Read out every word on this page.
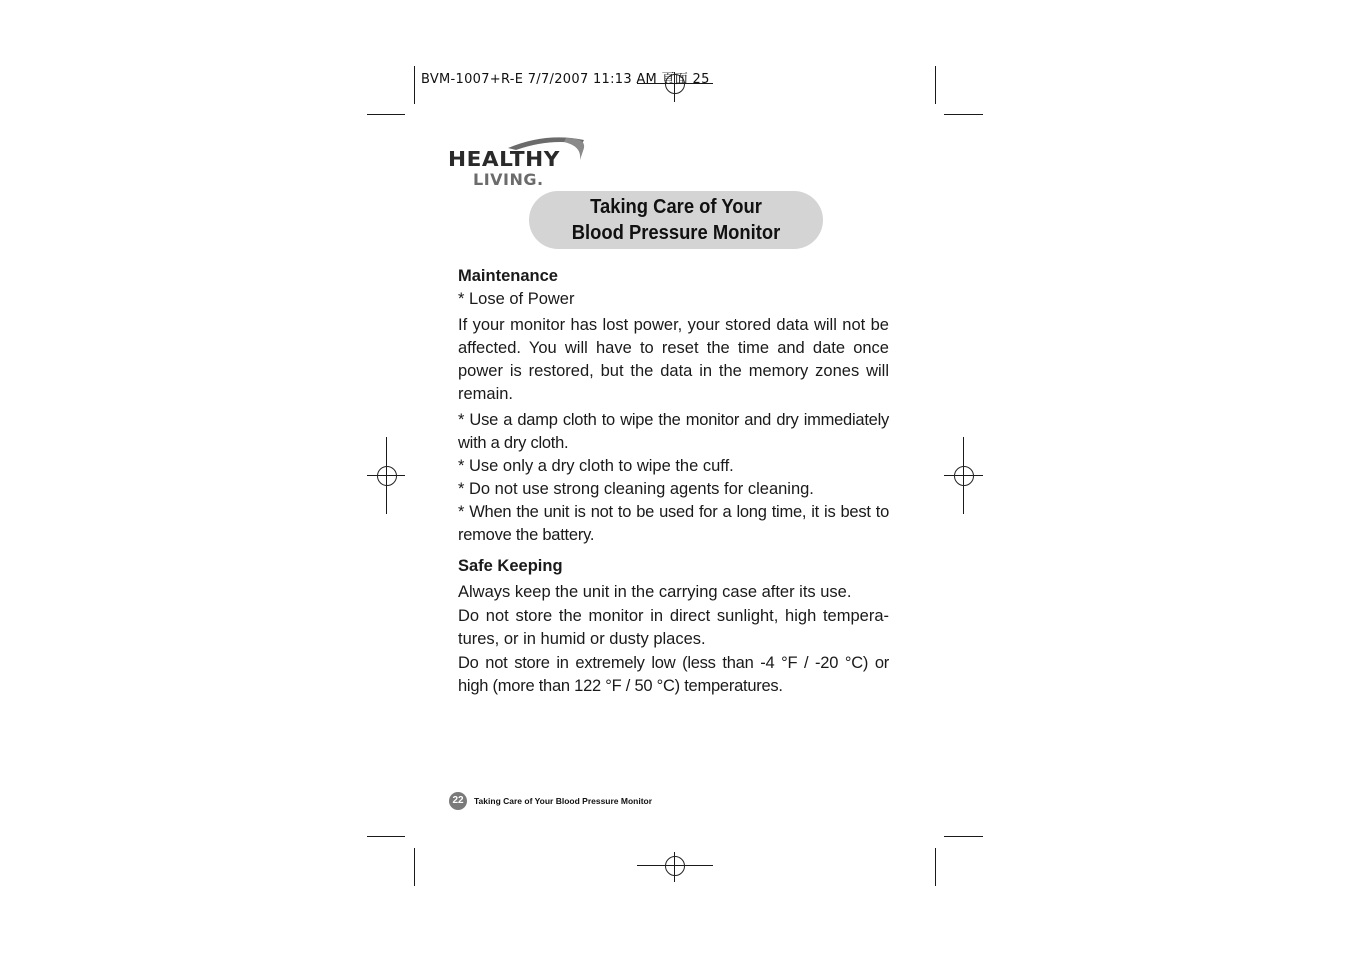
BVM-1007+R-E 7/7/2007 11:13 AM 頁面 25
HEALTHY
LIVING.
Taking Care of Your
Blood Pressure Monitor

Maintenance

* Lose of Power

If your monitor has lost power, your stored data will not be affected. You will have to reset the time and date once power is restored, but the data in the memory zones will remain.

* Use a damp cloth to wipe the monitor and dry immediately with a dry cloth.

* Use only a dry cloth to wipe the cuff.

* Do not use strong cleaning agents for cleaning.

* When the unit is not to be used for a long time, it is best to remove the battery.

Safe Keeping

Always keep the unit in the carrying case after its use.

Do not store the monitor in direct sunlight, high tempera- tures, or in humid or dusty places.

Do not store in extremely low (less than -4 °F / -20 °C) or high (more than 122 °F / 50 °C) temperatures.

22	Taking Care of Your Blood Pressure Monitor
